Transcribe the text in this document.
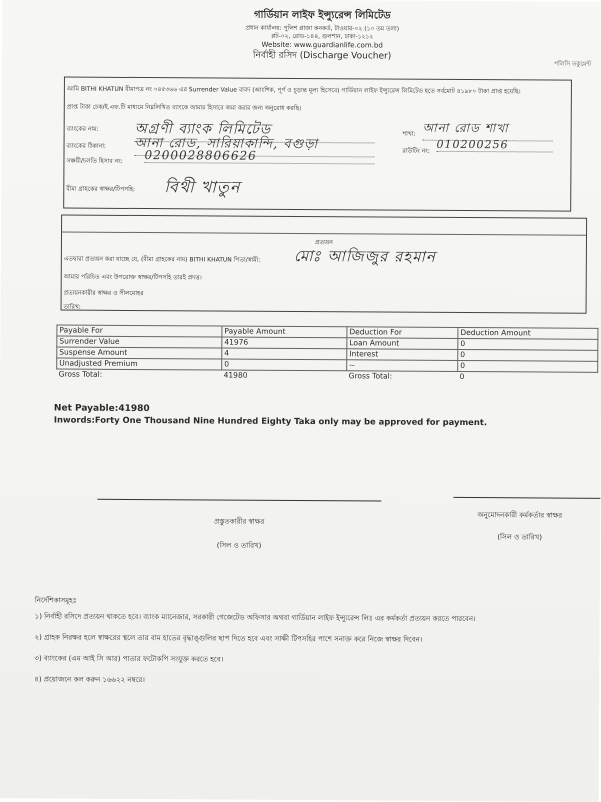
গার্ডিয়ান লাইফ ইন্স্যুরেন্স লিমিটেড
প্রধান কার্যালয়: পুলিশ প্লাজা কনকর্ড, টাওয়ার-০২ (১০ তম তলা)
প্লট-০২, রোড-১৪৪, গুলশান, ঢাকা-১২১২
Website: www.guardianlife.com.bd
নির্বাহী রসিদ (Discharge Voucher)
পলিসি ডকুমেন্ট
আমি BITHI KHATUN বীমাপত্র নং ০৪৫৩৬৬ এর Surrender Value বাবদ (আংশিক, পূর্ণ ও চূড়ান্ত মূল্য হিসেবে) গার্ডিয়ান লাইফ ইন্স্যুরেন্স লিমিটেড হতে সর্বমোট ৪১৯৮০ টাকা প্রাপ্ত হয়েছি।
প্রাপ্ত টাকা চেক/ই.এফ.টি মাধ্যমে নিম্নলিখিত ব্যাংকে আমার হিসাবে জমা করার জন্য অনুরোধ করছি।
ব্যাংকের নাম:	অগ্রণী ব্যাংক লিমিটেড
ব্যাংকের ঠিকানা: আনা রোড, সারিয়াকান্দি, বগুড়া
সঞ্চয়ী/চলতি হিসাব নং: 0200028806626
শাখা: আনা রোড শাখা
রাউটিং নং: 010200256
বীমা গ্রাহকের স্বাক্ষর/টিপসহি: বিথী খাতুন
প্রত্যয়ন
এতদ্বারা প্রত্যয়ন করা যাচ্ছে যে, (বীমা গ্রাহকের নাম) BITHI KHATUN পিতা/স্বামী: মোঃ আজিজুর রহমান
আমার পরিচিত এবং উপরোক্ত স্বাক্ষর/টিপসহি তারই প্রদত্ত।
প্রত্যয়নকারীর স্বাক্ষর ও সীলমোহর
তারিখ:
Payable For	Payable Amount	Deduction For	Deduction Amount
Surrender Value	41976	Loan Amount	0
Suspense Amount	4	Interest	0
Unadjusted Premium	0	--	0
Gross Total:	41980	Gross Total:	0
Net Payable:41980
Inwords:Forty One Thousand Nine Hundred Eighty Taka only may be approved for payment.
প্রস্তুতকারীর স্বাক্ষর
(সিল ও তারিখ)
অনুমোদনকারী কর্মকর্তার স্বাক্ষর
(সিল ও তারিখ)
নির্দেশিকাসমূহঃ
১) নির্বাহী রসিদে প্রত্যয়ন থাকতে হবে। ব্যাংক ম্যানেজার, সরকারী গেজেটেড অফিসার অথবা গার্ডিয়ান লাইফ ইন্স্যুরেন্স লিঃ এর কর্মকর্তা প্রত্যয়ন করতে পারবেন।
২) গ্রাহক নিরক্ষর হলে স্বাক্ষরের স্থলে তার বাম হাতের বৃদ্ধাঙ্গুলির ছাপ দিতে হবে এবং সাক্ষী টিপসহির পাশে সনাক্ত করে নিজে স্বাক্ষর দিবেন।
৩) ব্যাংকের (এম আই সি আর) পাতার ফটোকপি সংযুক্ত করতে হবে।
৪) প্রয়োজনে কল করুন ১৬৬২২ নম্বরে।
